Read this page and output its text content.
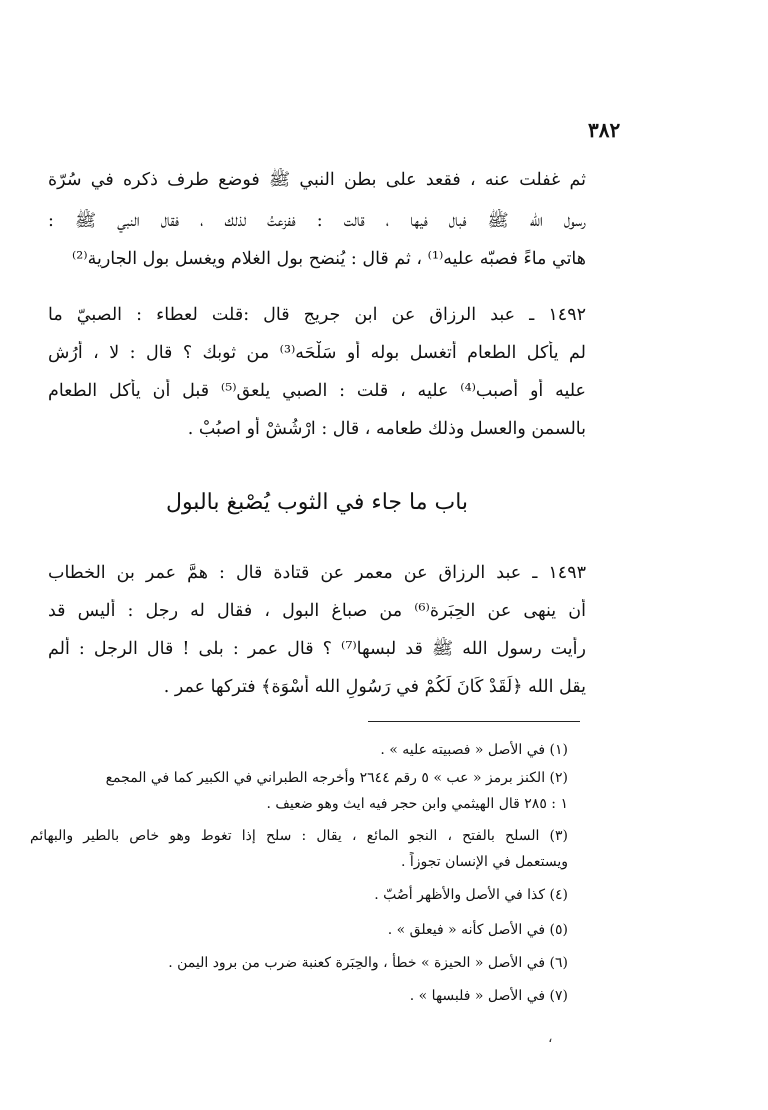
٣٨٢
ثم غفلت عنه ، فقعد على بطن النبي ﷺ فوضع طرف ذكره في سُرّة
رسول الله ﷺ فبال فيها ، قالت : ففزعتُ لذلك ، فقال النبي ﷺ :
هاتي ماءً فصبّه عليه⁽¹⁾ ، ثم قال : يُنضح بول الغلام ويغسل بول الجارية⁽²⁾
١٤٩٢ ـ عبد الرزاق عن ابن جريج قال :قلت لعطاء : الصبيّ ما
لم يأْكل الطعام أتغسل بوله أو سَلْحَه⁽³⁾ من ثوبك ؟ قال : لا ، أَرُش
عليه أو أَصبب⁽⁴⁾ عليه ، قلت : الصبي يلعق⁽⁵⁾ قبل أن يأْكل الطعام
بالسمن والعسل وذلك طعامه ، قال : ارْشُشْ أو اصبُبْ .
باب ما جاء في الثوب يُصْبغ بالبول
١٤٩٣ ـ عبد الرزاق عن معمر عن قتادة قال : همَّ عمر بن الخطاب
أن ينهى عن الحِبَرة⁽⁶⁾ من صباغ البول ، فقال له رجل : أليس قد
رأيت رسول الله ﷺ قد لبسها⁽⁷⁾ ؟ قال عمر : بلى ! قال الرجل : ألم
يقل الله ﴿لَقَدْ كَانَ لَكُمْ في رَسُولِ الله أُسْوَة﴾ فتركها عمر .
(١) في الأصل « فصبيته عليه » .
(٢) الكنز برمز « عب » ٥ رقم ٢٦٤٤ وأخرجه الطبراني في الكبير كما في المجمع
١ : ٢٨٥ قال الهيثمي وابن حجر فيه ايث وهو ضعيف .
(٣) السلح بالفتح ، النجو المائع ، يقال : سلح إذا تغوط وهو خاص بالطير والبهائم
ويستعمل في الإنسان تجوزاً .
(٤) كذا في الأصل والأظهر أَصُبّ .
(٥) في الأصل كأنه « فيعلق » .
(٦) في الأصل « الحيزة » خطأ ، والحِبَرة كعنبة ضرب من برود اليمن .
(٧) في الأصل « فلبسها » .
،
